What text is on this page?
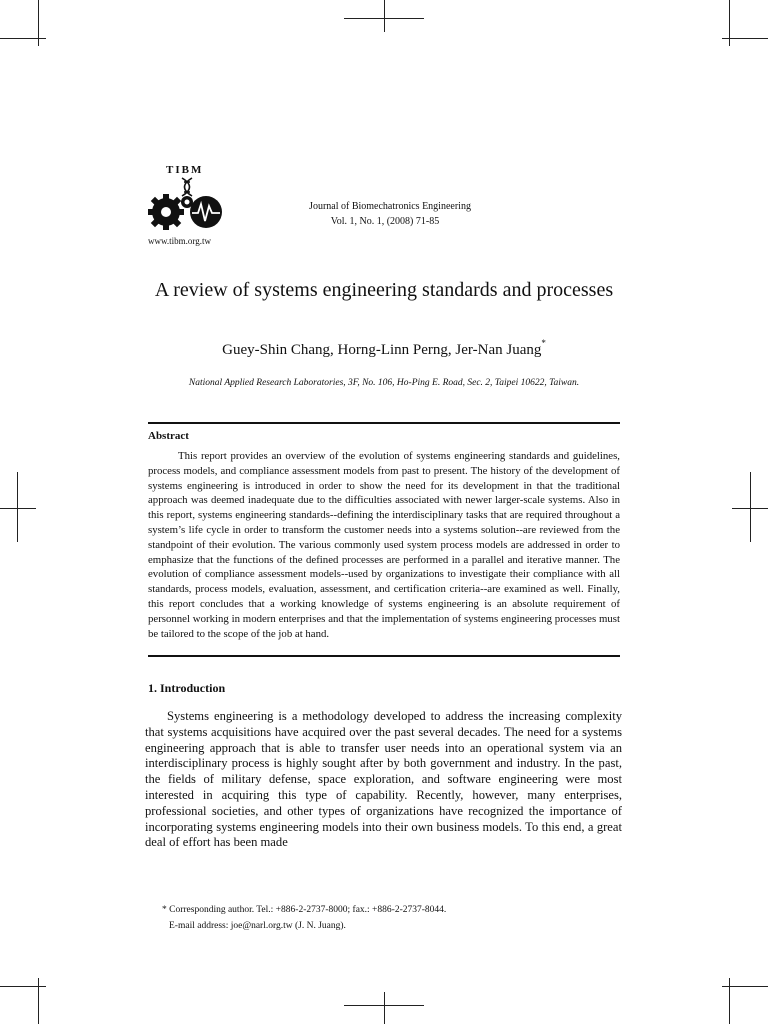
TIBM
www.tibm.org.tw
Journal of Biomechatronics Engineering
Vol. 1, No. 1, (2008) 71-85
A review of systems engineering standards and processes
Guey-Shin Chang, Horng-Linn Perng, Jer-Nan Juang*
National Applied Research Laboratories, 3F, No. 106, Ho-Ping E. Road, Sec. 2, Taipei 10622, Taiwan.
Abstract

This report provides an overview of the evolution of systems engineering standards and guidelines, process models, and compliance assessment models from past to present. The history of the development of systems engineering is introduced in order to show the need for its development in that the traditional approach was deemed inadequate due to the difficulties associated with newer larger-scale systems. Also in this report, systems engineering standards--defining the interdisciplinary tasks that are required throughout a system’s life cycle in order to transform the customer needs into a systems solution--are reviewed from the standpoint of their evolution. The various commonly used system process models are addressed in order to emphasize that the functions of the defined processes are performed in a parallel and iterative manner. The evolution of compliance assessment models--used by organizations to investigate their compliance with all standards, process models, evaluation, assessment, and certification criteria--are examined as well. Finally, this report concludes that a working knowledge of systems engineering is an absolute requirement of personnel working in modern enterprises and that the implementation of systems engineering processes must be tailored to the scope of the job at hand.

1. Introduction

Systems engineering is a methodology developed to address the increasing complexity that systems acquisitions have acquired over the past several decades. The need for a systems engineering approach that is able to transfer user needs into an operational system via an interdisciplinary process is highly sought after by both government and industry. In the past, the fields of military defense, space exploration, and software engineering were most interested in acquiring this type of capability. Recently, however, many enterprises, professional societies, and other types of organizations have recognized the importance of incorporating systems engineering models into their own business models. To this end, a great deal of effort has been made

* Corresponding author. Tel.: +886-2-2737-8000; fax.: +886-2-2737-8044.
E-mail address: joe@narl.org.tw (J. N. Juang).
